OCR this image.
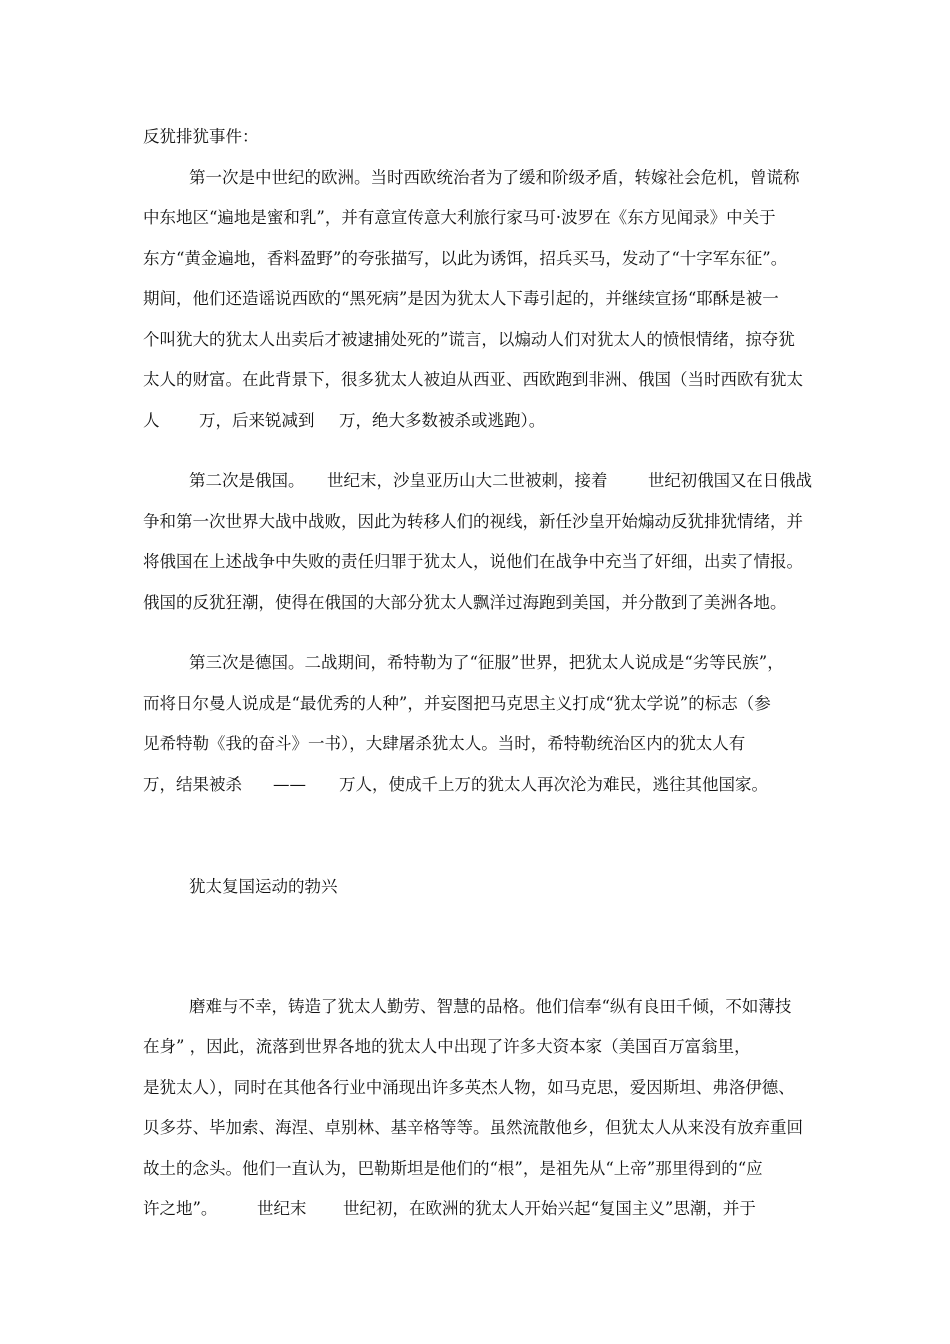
反犹排犹事件：
第一次是中世纪的欧洲。当时西欧统治者为了缓和阶级矛盾，转嫁社会危机，曾谎称
中东地区“遍地是蜜和乳”，并有意宣传意大利旅行家马可·波罗在《东方见闻录》中关于
东方“黄金遍地，香料盈野”的夸张描写，以此为诱饵，招兵买马，发动了“十字军东征”。
期间，他们还造谣说西欧的“黑死病”是因为犹太人下毒引起的，并继续宣扬“耶酥是被一
个叫犹大的犹太人出卖后才被逮捕处死的”谎言，以煽动人们对犹太人的愤恨情绪，掠夺犹
太人的财富。在此背景下，很多犹太人被迫从西亚、西欧跑到非洲、俄国（当时西欧有犹太
人 万，后来锐减到 万，绝大多数被杀或逃跑）。
第二次是俄国。 世纪末，沙皇亚历山大二世被刺，接着 世纪初俄国又在日俄战
争和第一次世界大战中战败，因此为转移人们的视线，新任沙皇开始煽动反犹排犹情绪，并
将俄国在上述战争中失败的责任归罪于犹太人，说他们在战争中充当了奸细，出卖了情报。
俄国的反犹狂潮，使得在俄国的大部分犹太人飘洋过海跑到美国，并分散到了美洲各地。
第三次是德国。二战期间，希特勒为了“征服”世界，把犹太人说成是“劣等民族”，
而将日尔曼人说成是“最优秀的人种”，并妄图把马克思主义打成“犹太学说”的标志（参
见希特勒《我的奋斗》一书），大肆屠杀犹太人。当时，希特勒统治区内的犹太人有
万，结果被杀 —— 万人，使成千上万的犹太人再次沦为难民，逃往其他国家。
犹太复国运动的勃兴
磨难与不幸，铸造了犹太人勤劳、智慧的品格。他们信奉“纵有良田千倾，不如薄技
在身” ，因此，流落到世界各地的犹太人中出现了许多大资本家（美国百万富翁里，
是犹太人），同时在其他各行业中涌现出许多英杰人物，如马克思，爱因斯坦、弗洛伊德、
贝多芬、毕加索、海涅、卓别林、基辛格等等。虽然流散他乡，但犹太人从来没有放弃重回
故土的念头。他们一直认为，巴勒斯坦是他们的“根”，是祖先从“上帝”那里得到的“应
许之地”。 世纪末 世纪初，在欧洲的犹太人开始兴起“复国主义”思潮，并于
